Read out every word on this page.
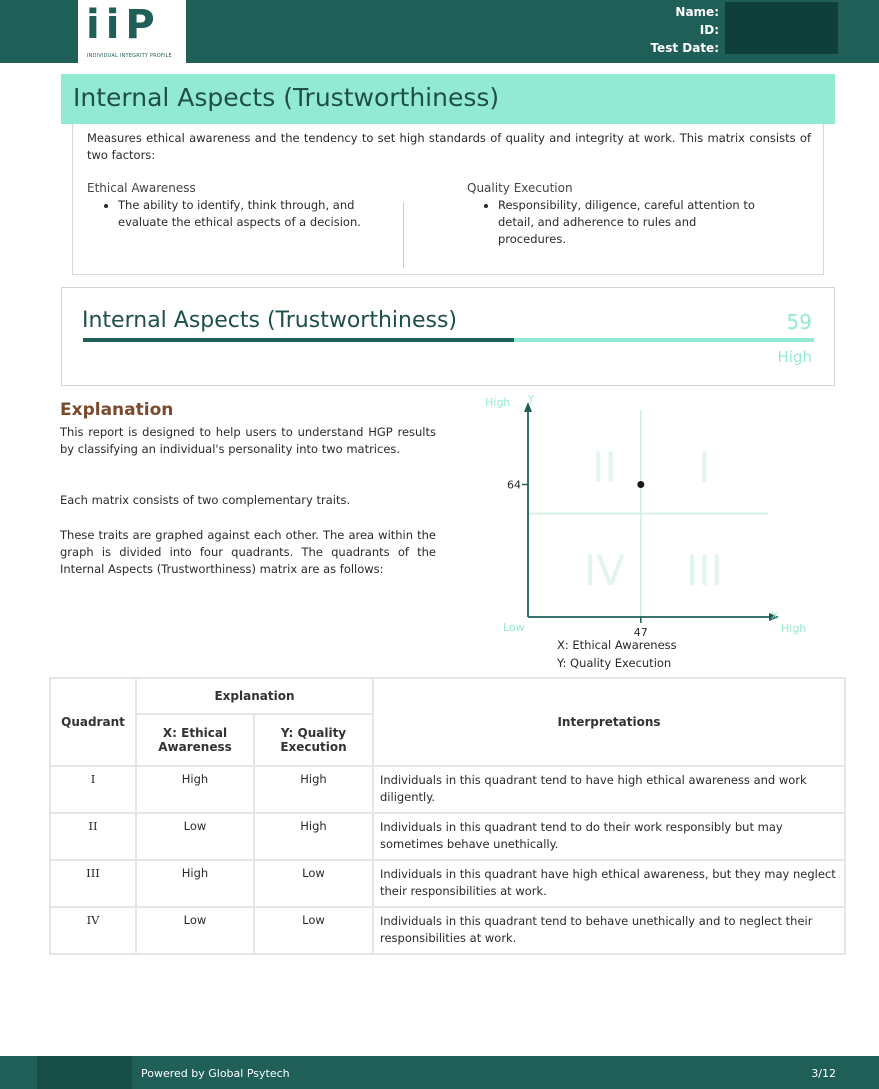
iiP
INDIVIDUAL INTEGRITY PROFILE
Name:
ID:
Test Date:
Internal Aspects (Trustworthiness)

Measures ethical awareness and the tendency to set high standards of quality and integrity at work. This matrix consists of two factors:

Ethical Awareness
• The ability to identify, think through, and evaluate the ethical aspects of a decision.
Quality Execution
• Responsibility, diligence, careful attention to detail, and adherence to rules and procedures.
Internal Aspects (Trustworthiness)	59
High
Explanation

This report is designed to help users to understand HGP results by classifying an individual's personality into two matrices.

Each matrix consists of two complementary traits.

These traits are graphed against each other. The area within the graph is divided into four quadrants. The quadrants of the Internal Aspects (Trustworthiness) matrix are as follows:

II I
IV III
Y
X
High
Low	High
64
47
X: Ethical Awareness
Y: Quality Execution
Quadrant	Explanation		Interpretations
	X: Ethical Awareness	Y: Quality Execution	
I	High	High	Individuals in this quadrant tend to have high ethical awareness and work diligently.
II	Low	High	Individuals in this quadrant tend to do their work responsibly but may sometimes behave unethically.
III	High	Low	Individuals in this quadrant have high ethical awareness, but they may neglect their responsibilities at work.
IV	Low	Low	Individuals in this quadrant tend to behave unethically and to neglect their responsibilities at work.
Powered by Global Psytech	3/12
